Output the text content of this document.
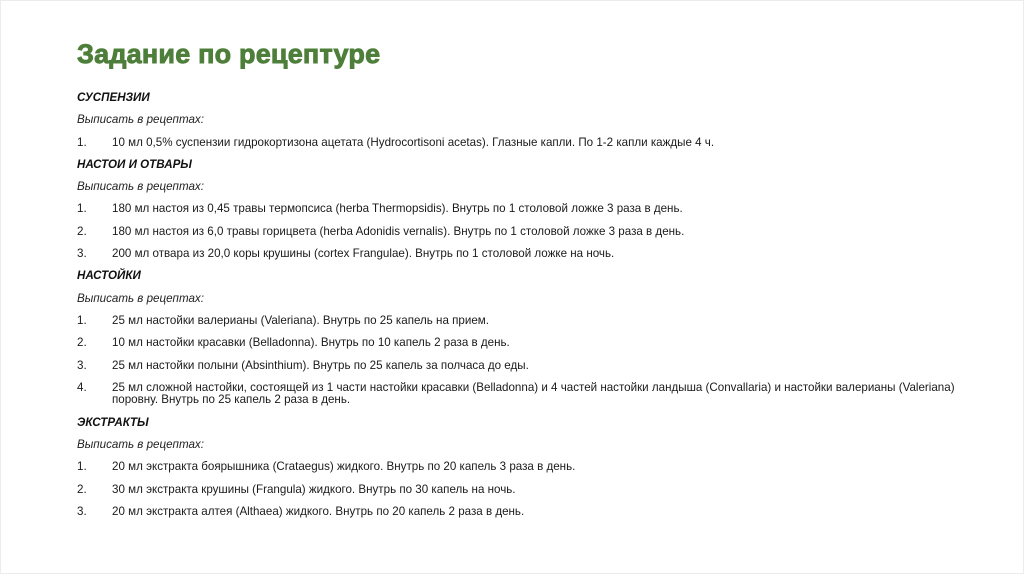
Задание по рецептуре
СУСПЕНЗИИ
Выписать в рецептах:
1.	10 мл 0,5% суспензии гидрокортизона ацетата (Hydrocortisoni acetas). Глазные капли. По 1-2 капли каждые 4 ч.
НАСТОИ И ОТВАРЫ
Выписать в рецептах:
1.	180 мл настоя из 0,45 травы термопсиса (herba Thermopsidis). Внутрь по 1 столовой ложке 3 раза в день.
2.	180 мл настоя из 6,0 травы горицвета (herba Adonidis vernalis). Внутрь по 1 столовой ложке 3 раза в день.
3.	200 мл отвара из 20,0 коры крушины (cortex Frangulae). Внутрь по 1 столовой ложке на ночь.
НАСТОЙКИ
Выписать в рецептах:
1.	25 мл настойки валерианы (Valeriana). Внутрь по 25 капель на прием.
2.	10 мл настойки красавки (Belladonna). Внутрь по 10 капель 2 раза в день.
3.	25 мл настойки полыни (Absinthium). Внутрь по 25 капель за полчаса до еды.
4.	25 мл сложной настойки, состоящей из 1 части настойки красавки (Belladonna) и 4 частей настойки ландыша (Convallaria) и настойки валерианы (Valeriana) поровну. Внутрь по 25 капель 2 раза в день.
ЭКСТРАКТЫ
Выписать в рецептах:
1.	20 мл экстракта боярышника (Crataegus) жидкого. Внутрь по 20 капель 3 раза в день.
2.	30 мл экстракта крушины (Frangula) жидкого. Внутрь по 30 капель на ночь.
3.	20 мл экстракта алтея (Althaea) жидкого. Внутрь по 20 капель 2 раза в день.
